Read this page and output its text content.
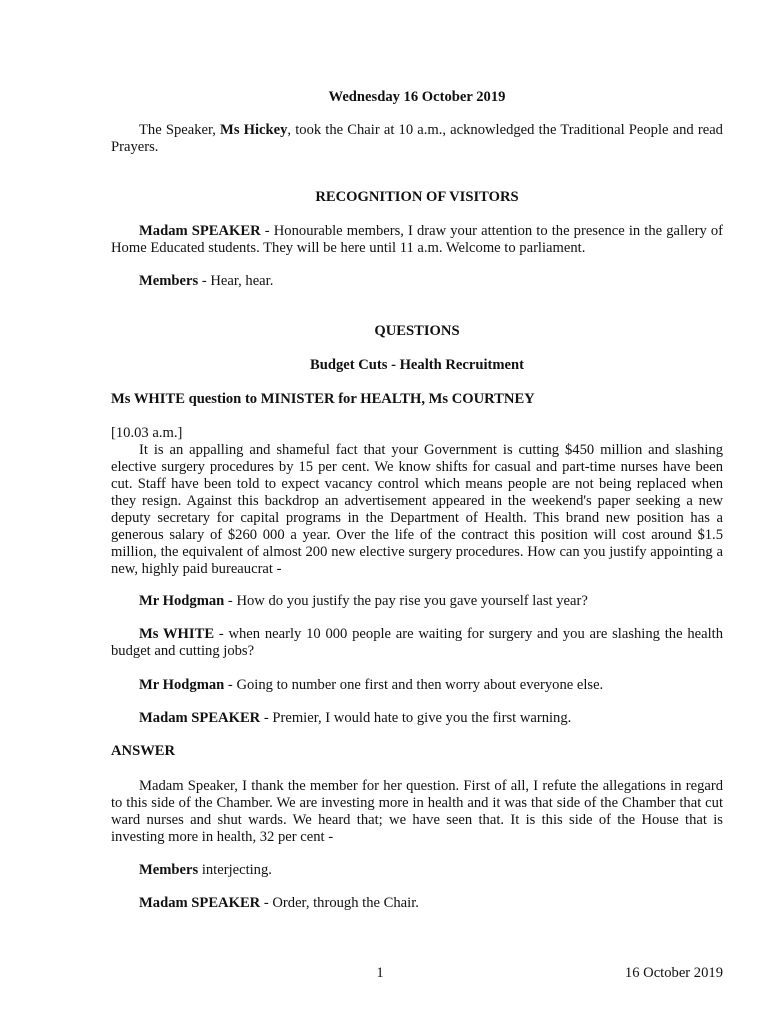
Wednesday 16 October 2019

The Speaker, Ms Hickey, took the Chair at 10 a.m., acknowledged the Traditional People and read Prayers.

RECOGNITION OF VISITORS

Madam SPEAKER - Honourable members, I draw your attention to the presence in the gallery of Home Educated students. They will be here until 11 a.m. Welcome to parliament.

Members - Hear, hear.

QUESTIONS

Budget Cuts - Health Recruitment

Ms WHITE question to MINISTER for HEALTH, Ms COURTNEY

[10.03 a.m.]

It is an appalling and shameful fact that your Government is cutting $450 million and slashing elective surgery procedures by 15 per cent. We know shifts for casual and part-time nurses have been cut. Staff have been told to expect vacancy control which means people are not being replaced when they resign. Against this backdrop an advertisement appeared in the weekend's paper seeking a new deputy secretary for capital programs in the Department of Health. This brand new position has a generous salary of $260 000 a year. Over the life of the contract this position will cost around $1.5 million, the equivalent of almost 200 new elective surgery procedures. How can you justify appointing a new, highly paid bureaucrat -

Mr Hodgman - How do you justify the pay rise you gave yourself last year?

Ms WHITE - when nearly 10 000 people are waiting for surgery and you are slashing the health budget and cutting jobs?

Mr Hodgman - Going to number one first and then worry about everyone else.

Madam SPEAKER - Premier, I would hate to give you the first warning.

ANSWER

Madam Speaker, I thank the member for her question. First of all, I refute the allegations in regard to this side of the Chamber. We are investing more in health and it was that side of the Chamber that cut ward nurses and shut wards. We heard that; we have seen that. It is this side of the House that is investing more in health, 32 per cent -

Members interjecting.

Madam SPEAKER - Order, through the Chair.

1	16 October 2019
